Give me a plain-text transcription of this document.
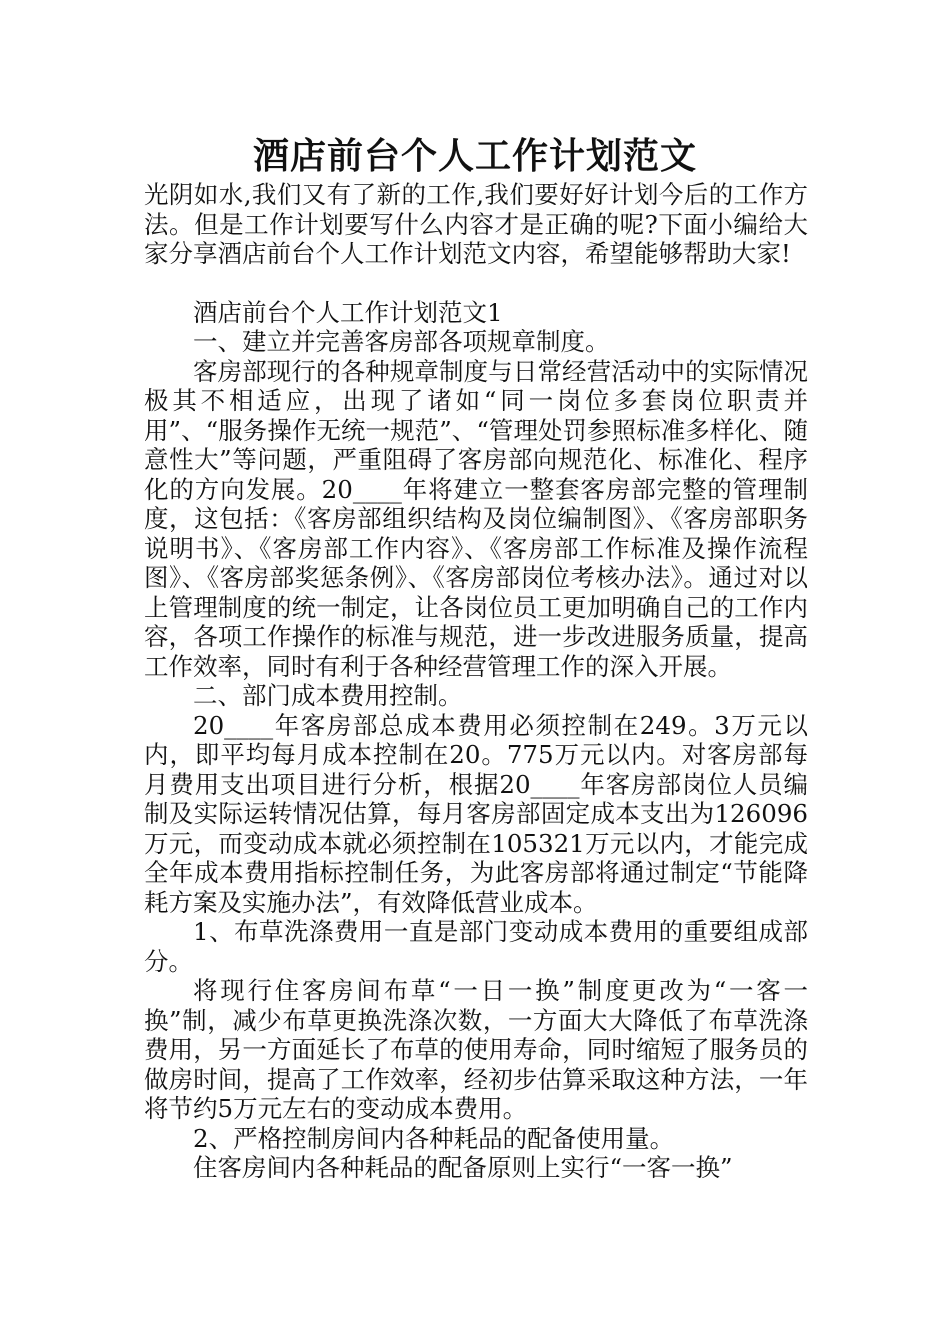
酒店前台个人工作计划范文

光阴如水,我们又有了新的工作,我们要好好计划今后的工作方法。但是工作计划要写什么内容才是正确的呢?下面小编给大家分享酒店前台个人工作计划范文内容，希望能够帮助大家!

酒店前台个人工作计划范文1

一、建立并完善客房部各项规章制度。

客房部现行的各种规章制度与日常经营活动中的实际情况极其不相适应，出现了诸如“同一岗位多套岗位职责并用”、“服务操作无统一规范”、“管理处罚参照标准多样化、随意性大”等问题，严重阻碍了客房部向规范化、标准化、程序化的方向发展。20____年将建立一整套客房部完整的管理制度，这包括：《客房部组织结构及岗位编制图》、《客房部职务说明书》、《客房部工作内容》、《客房部工作标准及操作流程图》、《客房部奖惩条例》、《客房部岗位考核办法》。通过对以上管理制度的统一制定，让各岗位员工更加明确自己的工作内容，各项工作操作的标准与规范，进一步改进服务质量，提高工作效率，同时有利于各种经营管理工作的深入开展。

二、部门成本费用控制。

20____年客房部总成本费用必须控制在249。3万元以内，即平均每月成本控制在20。775万元以内。对客房部每月费用支出项目进行分析，根据20____年客房部岗位人员编制及实际运转情况估算，每月客房部固定成本支出为126096万元，而变动成本就必须控制在105321万元以内，才能完成全年成本费用指标控制任务，为此客房部将通过制定“节能降耗方案及实施办法”，有效降低营业成本。

1、布草洗涤费用一直是部门变动成本费用的重要组成部分。

将现行住客房间布草“一日一换”制度更改为“一客一换”制，减少布草更换洗涤次数，一方面大大降低了布草洗涤费用，另一方面延长了布草的使用寿命，同时缩短了服务员的做房时间，提高了工作效率，经初步估算采取这种方法，一年将节约5万元左右的变动成本费用。

2、严格控制房间内各种耗品的配备使用量。

住客房间内各种耗品的配备原则上实行“一客一换”
